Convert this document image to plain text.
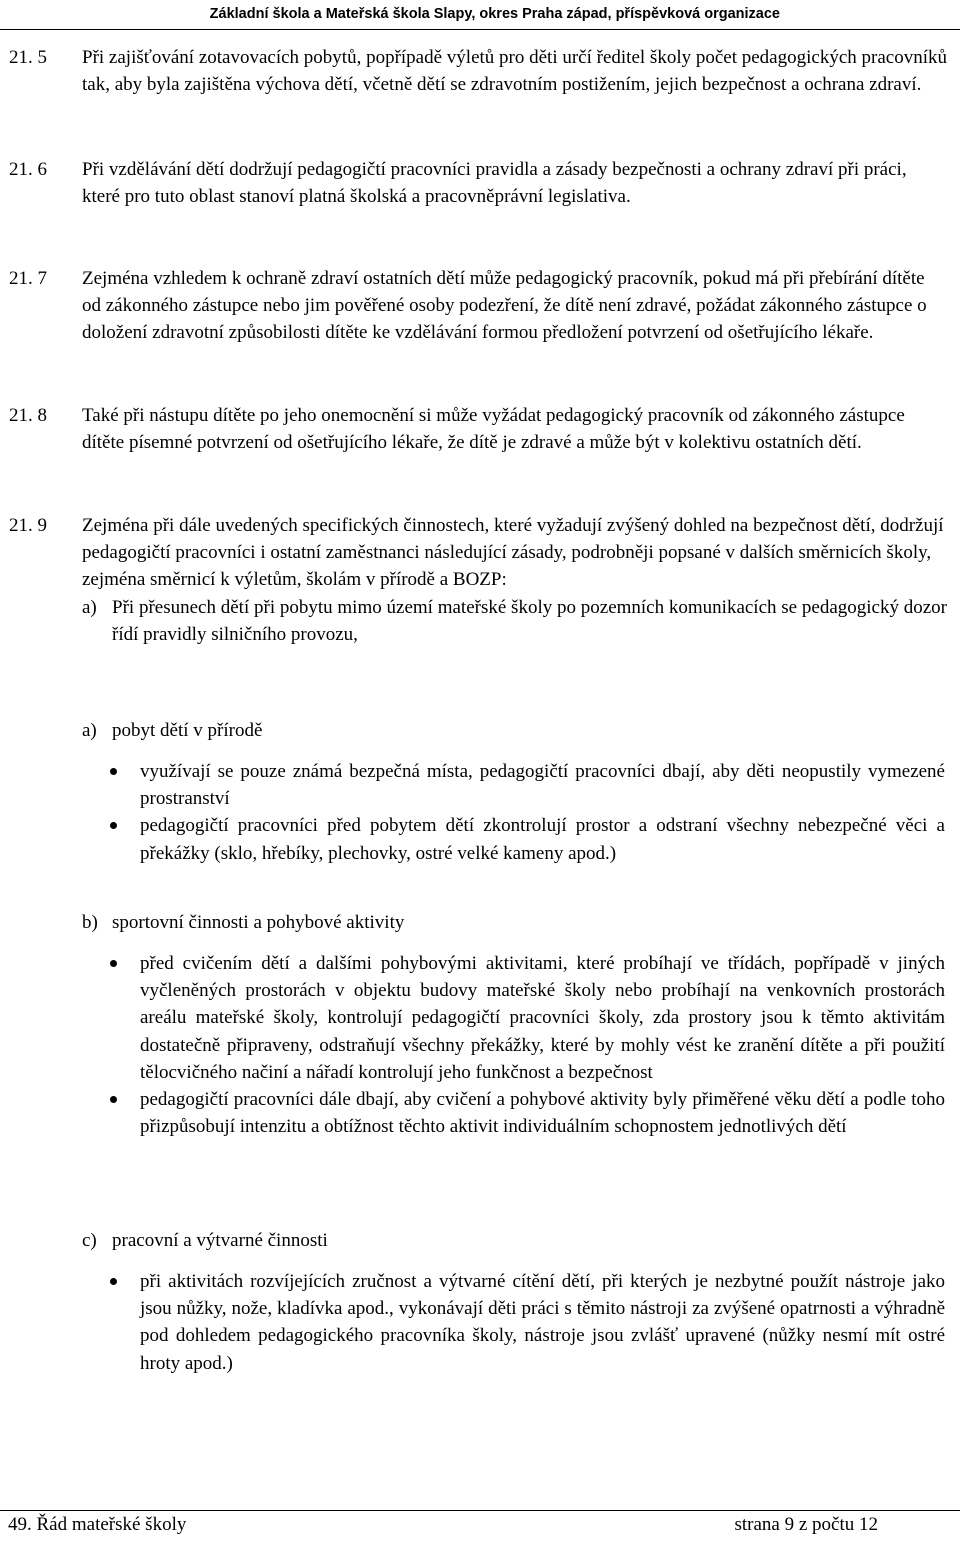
Základní škola a Mateřská škola Slapy, okres Praha západ, příspěvková organizace
21. 5 Při zajišťování zotavovacích pobytů, popřípadě výletů pro děti určí ředitel školy počet pedagogických pracovníků tak, aby byla zajištěna výchova dětí, včetně dětí se zdravotním postižením, jejich bezpečnost a ochrana zdraví.

21. 6 Při vzdělávání dětí dodržují pedagogičtí pracovníci pravidla a zásady bezpečnosti a ochrany zdraví při práci, které pro tuto oblast stanoví platná školská a pracovněprávní legislativa.

21. 7 Zejména vzhledem k ochraně zdraví ostatních dětí může pedagogický pracovník, pokud má při přebírání dítěte od zákonného zástupce nebo jim pověřené osoby podezření, že dítě není zdravé, požádat zákonného zástupce o doložení zdravotní způsobilosti dítěte ke vzdělávání formou předložení potvrzení od ošetřujícího lékaře.

21. 8 Také při nástupu dítěte po jeho onemocnění si může vyžádat pedagogický pracovník od zákonného zástupce dítěte písemné potvrzení od ošetřujícího lékaře, že dítě je zdravé a může být v kolektivu ostatních dětí.

21. 9 Zejména při dále uvedených specifických činnostech, které vyžadují zvýšený dohled na bezpečnost dětí, dodržují pedagogičtí pracovníci i ostatní zaměstnanci následující zásady, podrobněji popsané v dalších směrnicích školy, zejména směrnicí k výletům, školám v přírodě a BOZP:

a) Při přesunech dětí při pobytu mimo území mateřské školy po pozemních komunikacích se pedagogický dozor řídí pravidly silničního provozu,
a) pobyt dětí v přírodě

využívají se pouze známá bezpečná místa, pedagogičtí pracovníci dbají, aby děti neopustily vymezené prostranství

pedagogičtí pracovníci před pobytem dětí zkontrolují prostor a odstraní všechny nebezpečné věci a překážky (sklo, hřebíky, plechovky, ostré velké kameny apod.)

b) sportovní činnosti a pohybové aktivity

před cvičením dětí a dalšími pohybovými aktivitami, které probíhají ve třídách, popřípadě v jiných vyčleněných prostorách v objektu budovy mateřské školy nebo probíhají na venkovních prostorách areálu mateřské školy, kontrolují pedagogičtí pracovníci školy, zda prostory jsou k těmto aktivitám dostatečně připraveny, odstraňují všechny překážky, které by mohly vést ke zranění dítěte a při použití tělocvičného načiní a nářadí kontrolují jeho funkčnost a bezpečnost

pedagogičtí pracovníci dále dbají, aby cvičení a pohybové aktivity byly přiměřené věku dětí a podle toho přizpůsobují intenzitu a obtížnost těchto aktivit individuálním schopnostem jednotlivých dětí

c) pracovní a výtvarné činnosti

při aktivitách rozvíjejících zručnost a výtvarné cítění dětí, při kterých je nezbytné použít nástroje jako jsou nůžky, nože, kladívka apod., vykonávají děti práci s těmito nástroji za zvýšené opatrnosti a výhradně pod dohledem pedagogického pracovníka školy, nástroje jsou zvlášť upravené (nůžky nesmí mít ostré hroty apod.)

49. Řád mateřské školy	strana 9 z počtu 12
